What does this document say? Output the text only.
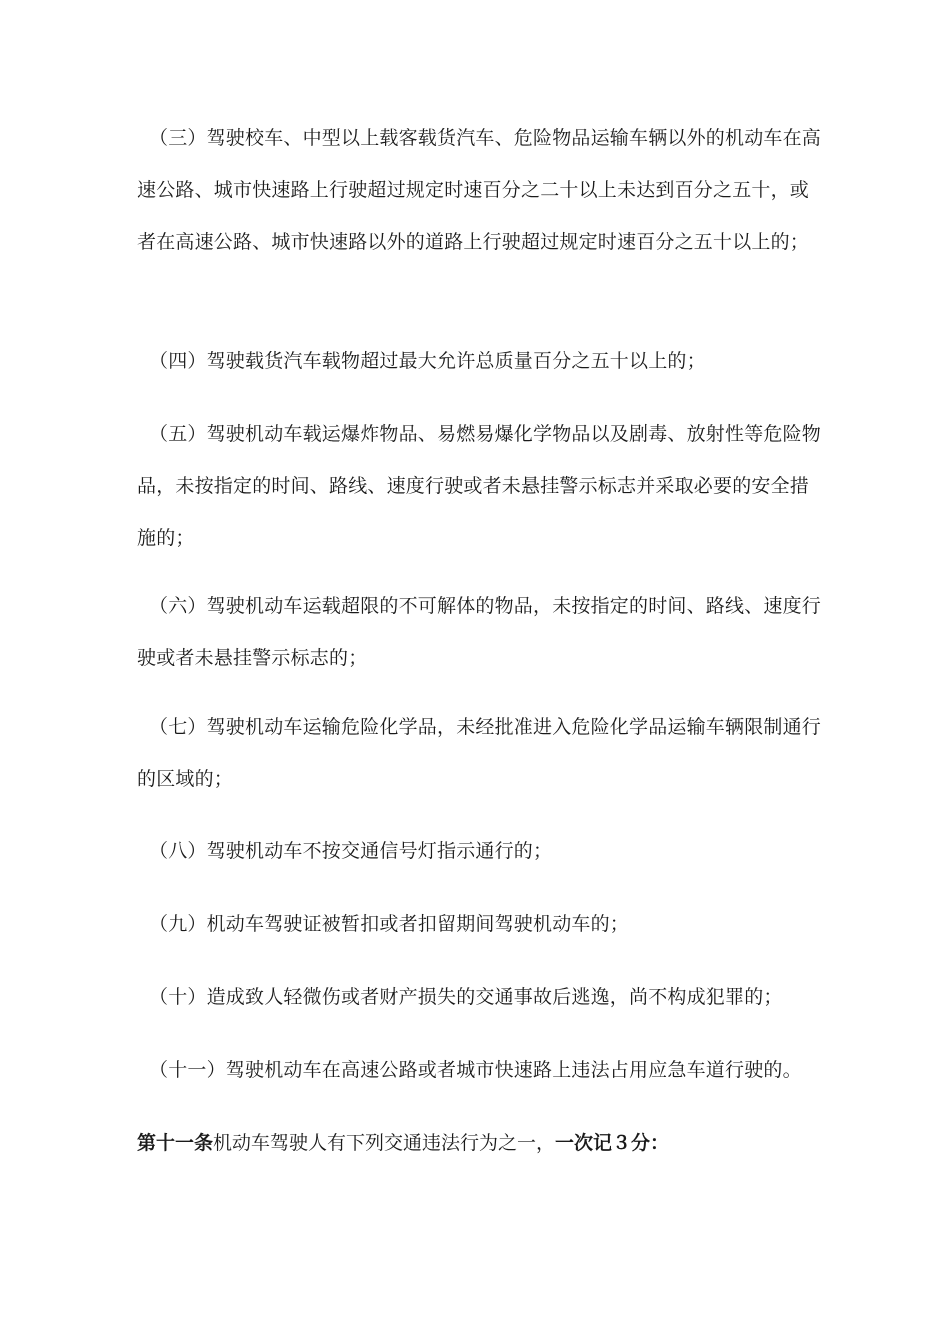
（三）驾驶校车、中型以上载客载货汽车、危险物品运输车辆以外的机动车在高速公路、城市快速路上行驶超过规定时速百分之二十以上未达到百分之五十，或者在高速公路、城市快速路以外的道路上行驶超过规定时速百分之五十以上的；
（四）驾驶载货汽车载物超过最大允许总质量百分之五十以上的；
（五）驾驶机动车载运爆炸物品、易燃易爆化学物品以及剧毒、放射性等危险物品，未按指定的时间、路线、速度行驶或者未悬挂警示标志并采取必要的安全措施的；
（六）驾驶机动车运载超限的不可解体的物品，未按指定的时间、路线、速度行驶或者未悬挂警示标志的；
（七）驾驶机动车运输危险化学品，未经批准进入危险化学品运输车辆限制通行的区域的；
（八）驾驶机动车不按交通信号灯指示通行的；
（九）机动车驾驶证被暂扣或者扣留期间驾驶机动车的；
（十）造成致人轻微伤或者财产损失的交通事故后逃逸，尚不构成犯罪的；
（十一）驾驶机动车在高速公路或者城市快速路上违法占用应急车道行驶的。
第十一条机动车驾驶人有下列交通违法行为之一，一次记３分：
